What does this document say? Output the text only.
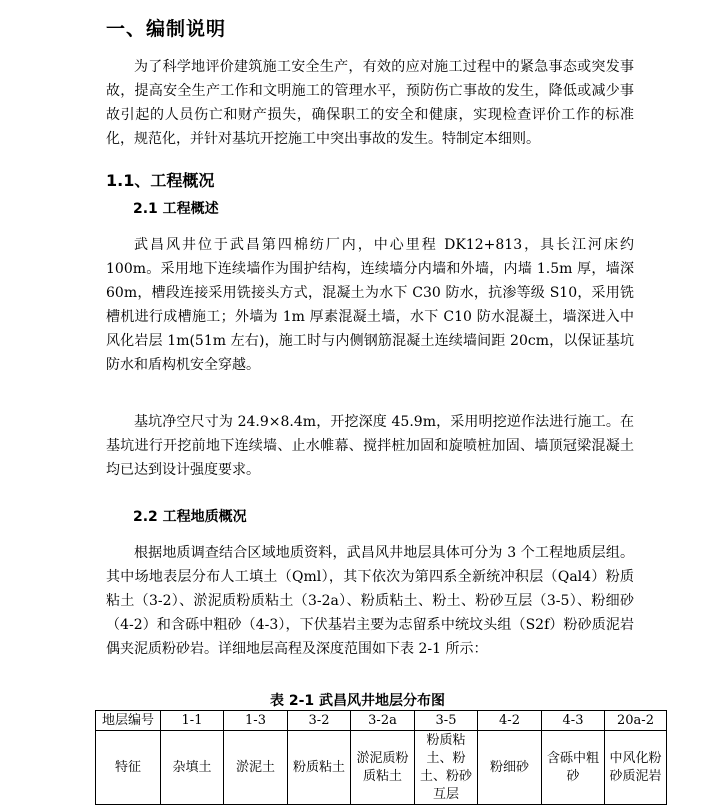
一、编制说明

为了科学地评价建筑施工安全生产，有效的应对施工过程中的紧急事态或突发事故，提高安全生产工作和文明施工的管理水平，预防伤亡事故的发生，降低或减少事故引起的人员伤亡和财产损失，确保职工的安全和健康，实现检查评价工作的标准化，规范化，并针对基坑开挖施工中突出事故的发生。特制定本细则。

1.1、工程概况
2.1 工程概述

武昌风井位于武昌第四棉纺厂内，中心里程 DK12+813，具长江河床约 100m。采用地下连续墙作为围护结构，连续墙分内墙和外墙，内墙 1.5m 厚，墙深 60m，槽段连接采用铣接头方式，混凝土为水下 C30 防水，抗渗等级 S10，采用铣槽机进行成槽施工；外墙为 1m 厚素混凝土墙，水下 C10 防水混凝土，墙深进入中风化岩层 1m(51m 左右)，施工时与内侧钢筋混凝土连续墙间距 20cm，以保证基坑防水和盾构机安全穿越。

基坑净空尺寸为 24.9×8.4m，开挖深度 45.9m，采用明挖逆作法进行施工。在基坑进行开挖前地下连续墙、止水帷幕、搅拌桩加固和旋喷桩加固、墙顶冠梁混凝土均已达到设计强度要求。

2.2 工程地质概况

根据地质调查结合区域地质资料，武昌风井地层具体可分为 3 个工程地质层组。其中场地表层分布人工填土（Qml），其下依次为第四系全新统冲积层（Qal4）粉质粘土（3-2）、淤泥质粉质粘土（3-2a）、粉质粘土、粉土、粉砂互层（3-5）、粉细砂（4-2）和含砾中粗砂（4-3），下伏基岩主要为志留系中统坟头组（S2f）粉砂质泥岩偶夹泥质粉砂岩。详细地层高程及深度范围如下表 2-1 所示：

表 2-1 武昌风井地层分布图
地层编号	1-1	1-3	3-2	3-2a	3-5	4-2	4-3	20a-2
特征	杂填土	淤泥土	粉质粘土	淤泥质粉质粘土	粉质粘土、粉土、粉砂互层	粉细砂	含砾中粗砂	中风化粉砂质泥岩
